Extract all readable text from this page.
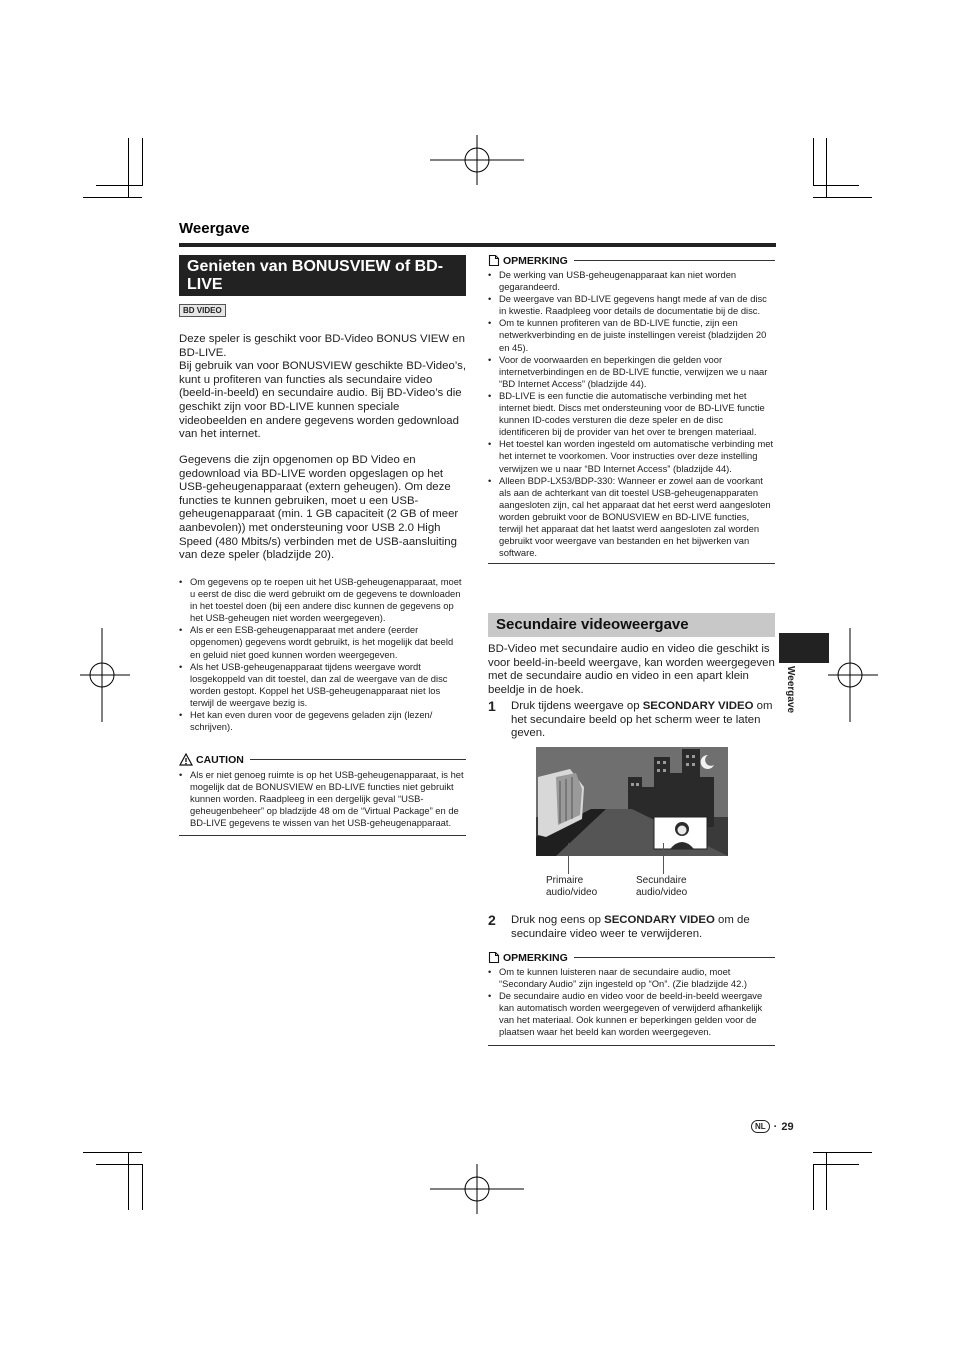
Weergave
Genieten van BONUSVIEW of BD-LIVE
BD VIDEO
Deze speler is geschikt voor BD-Video BONUS VIEW en BD-LIVE.
Bij gebruik van voor BONUSVIEW geschikte BD-Video’s, kunt u profiteren van functies als secundaire video (beeld-in-beeld) en secundaire audio. Bij BD-Video’s die geschikt zijn voor BD-LIVE kunnen speciale videobeelden en andere gegevens worden gedownload van het internet.
Gegevens die zijn opgenomen op BD Video en gedownload via BD-LIVE worden opgeslagen op het USB-geheugenapparaat (extern geheugen). Om deze functies te kunnen gebruiken, moet u een USB-geheugenapparaat (min. 1 GB capaciteit (2 GB of meer aanbevolen)) met ondersteuning voor USB 2.0 High Speed (480 Mbits/s) verbinden met de USB-aansluiting van deze speler (bladzijde 20).
• Om gegevens op te roepen uit het USB-geheugenapparaat, moet u eerst de disc die werd gebruikt om de gegevens te downloaden in het toestel doen (bij een andere disc kunnen de gegevens op het USB-geheugen niet worden weergegeven).
• Als er een ESB-geheugenapparaat met andere (eerder opgenomen) gegevens wordt gebruikt, is het mogelijk dat beeld en geluid niet goed kunnen worden weergegeven.
• Als het USB-geheugenapparaat tijdens weergave wordt losgekoppeld van dit toestel, dan zal de weergave van de disc worden gestopt. Koppel het USB-geheugenapparaat niet los terwijl de weergave bezig is.
• Het kan even duren voor de gegevens geladen zijn (lezen/ schrijven).
CAUTION
• Als er niet genoeg ruimte is op het USB-geheugenapparaat, is het mogelijk dat de BONUSVIEW en BD-LIVE functies niet gebruikt kunnen worden. Raadpleeg in een dergelijk geval “USB-geheugenbeheer” op bladzijde 48 om de “Virtual Package” en de BD-LIVE gegevens te wissen van het USB-geheugenapparaat.
OPMERKING
• De werking van USB-geheugenapparaat kan niet worden gegarandeerd.
• De weergave van BD-LIVE gegevens hangt mede af van de disc in kwestie. Raadpleeg voor details de documentatie bij de disc.
• Om te kunnen profiteren van de BD-LIVE functie, zijn een netwerkverbinding en de juiste instellingen vereist (bladzijden 20 en 45).
• Voor de voorwaarden en beperkingen die gelden voor internetverbindingen en de BD-LIVE functie, verwijzen we u naar “BD Internet Access” (bladzijde 44).
• BD-LIVE is een functie die automatische verbinding met het internet biedt. Discs met ondersteuning voor de BD-LIVE functie kunnen ID-codes versturen die deze speler en de disc identificeren bij de provider van het over te brengen materiaal.
• Het toestel kan worden ingesteld om automatische verbinding met het internet te voorkomen. Voor instructies over deze instelling verwijzen we u naar “BD Internet Access” (bladzijde 44).
• Alleen BDP-LX53/BDP-330: Wanneer er zowel aan de voorkant als aan de achterkant van dit toestel USB-geheugenapparaten aangesloten zijn, cal het apparaat dat het eerst werd aangesloten worden gebruikt voor de BONUSVIEW en BD-LIVE functies, terwijl het apparaat dat het laatst werd aangesloten zal worden gebruikt voor weergave van bestanden en het bijwerken van software.
Secundaire videoweergave
BD-Video met secundaire audio en video die geschikt is voor beeld-in-beeld weergave, kan worden weergegeven met de secundaire audio en video in een apart klein beeldje in de hoek.
1	Druk tijdens weergave op SECONDARY VIDEO om het secundaire beeld op het scherm weer te laten geven.
Primaire audio/video
Secundaire audio/video
2	Druk nog eens op SECONDARY VIDEO om de secundaire video weer te verwijderen.
OPMERKING
• Om te kunnen luisteren naar de secundaire audio, moet “Secondary Audio” zijn ingesteld op “On”. (Zie bladzijde 42.)
• De secundaire audio en video voor de beeld-in-beeld weergave kan automatisch worden weergegeven of verwijderd afhankelijk van het materiaal. Ook kunnen er beperkingen gelden voor de plaatsen waar het beeld kan worden weergegeven.
Weergave
NL · 29
